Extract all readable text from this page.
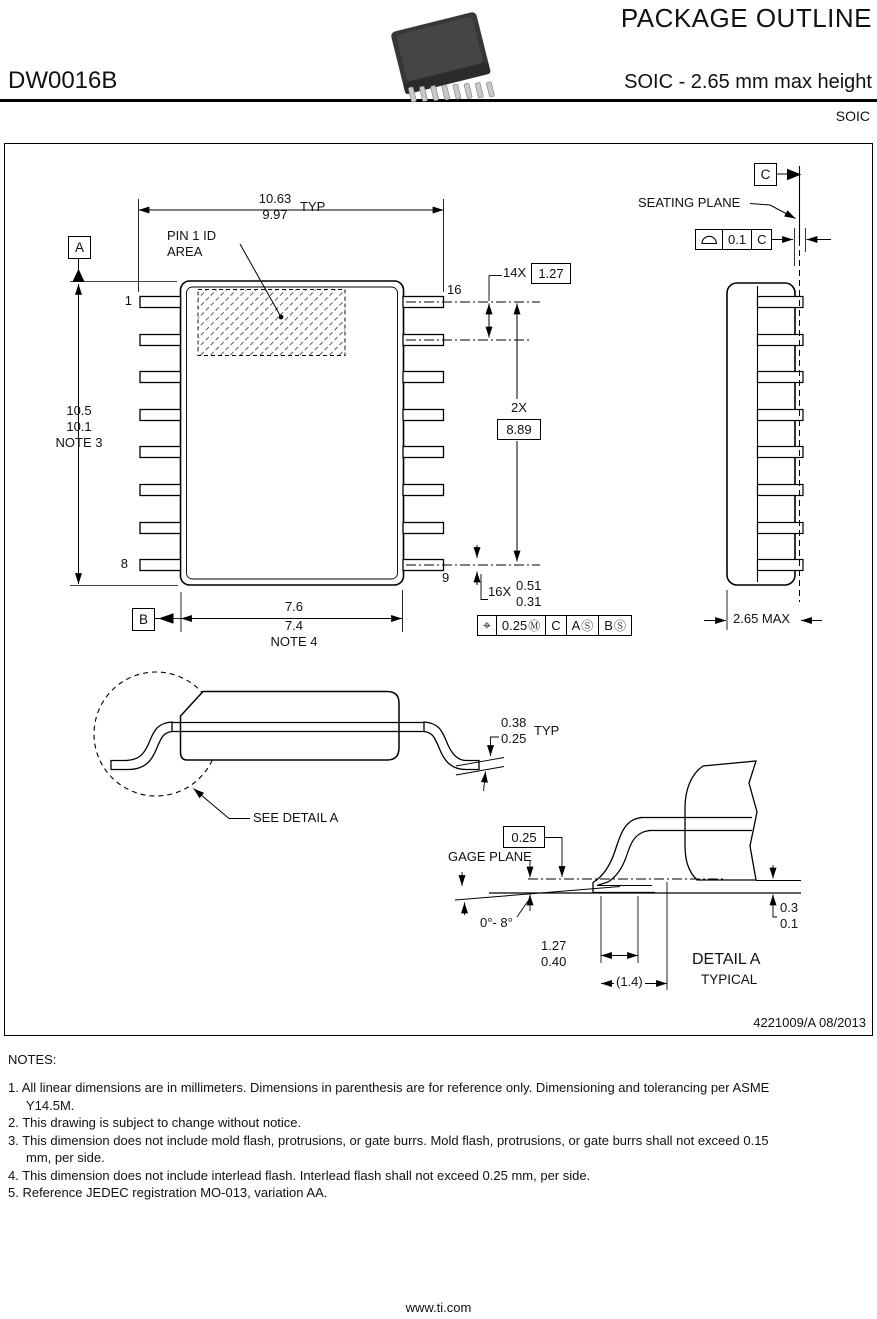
PACKAGE OUTLINE
DW0016B	SOIC - 2.65 mm max height
SOIC
10.63
9.97
TYP
PIN 1 ID
AREA
1
16
8
9
10.5
10.1
NOTE 3
A
B
14X 1.27
2X
8.89
16X 0.51
0.31
7.6
7.4
NOTE 4
⌖ 0.25 Ⓜ C A Ⓢ B Ⓢ
C
SEATING PLANE
0.1 C
2.65 MAX
SEE DETAIL A
0.38
0.25
TYP
0.25
GAGE PLANE
0°- 8°
1.27
0.40
(1.4)
0.3
0.1
DETAIL A
TYPICAL
4221009/A 08/2013
NOTES:
1. All linear dimensions are in millimeters. Dimensions in parenthesis are for reference only. Dimensioning and tolerancing per ASME Y14.5M.
2. This drawing is subject to change without notice.
3. This dimension does not include mold flash, protrusions, or gate burrs. Mold flash, protrusions, or gate burrs shall not exceed 0.15 mm, per side.
4. This dimension does not include interlead flash. Interlead flash shall not exceed 0.25 mm, per side.
5. Reference JEDEC registration MO-013, variation AA.
www.ti.com
